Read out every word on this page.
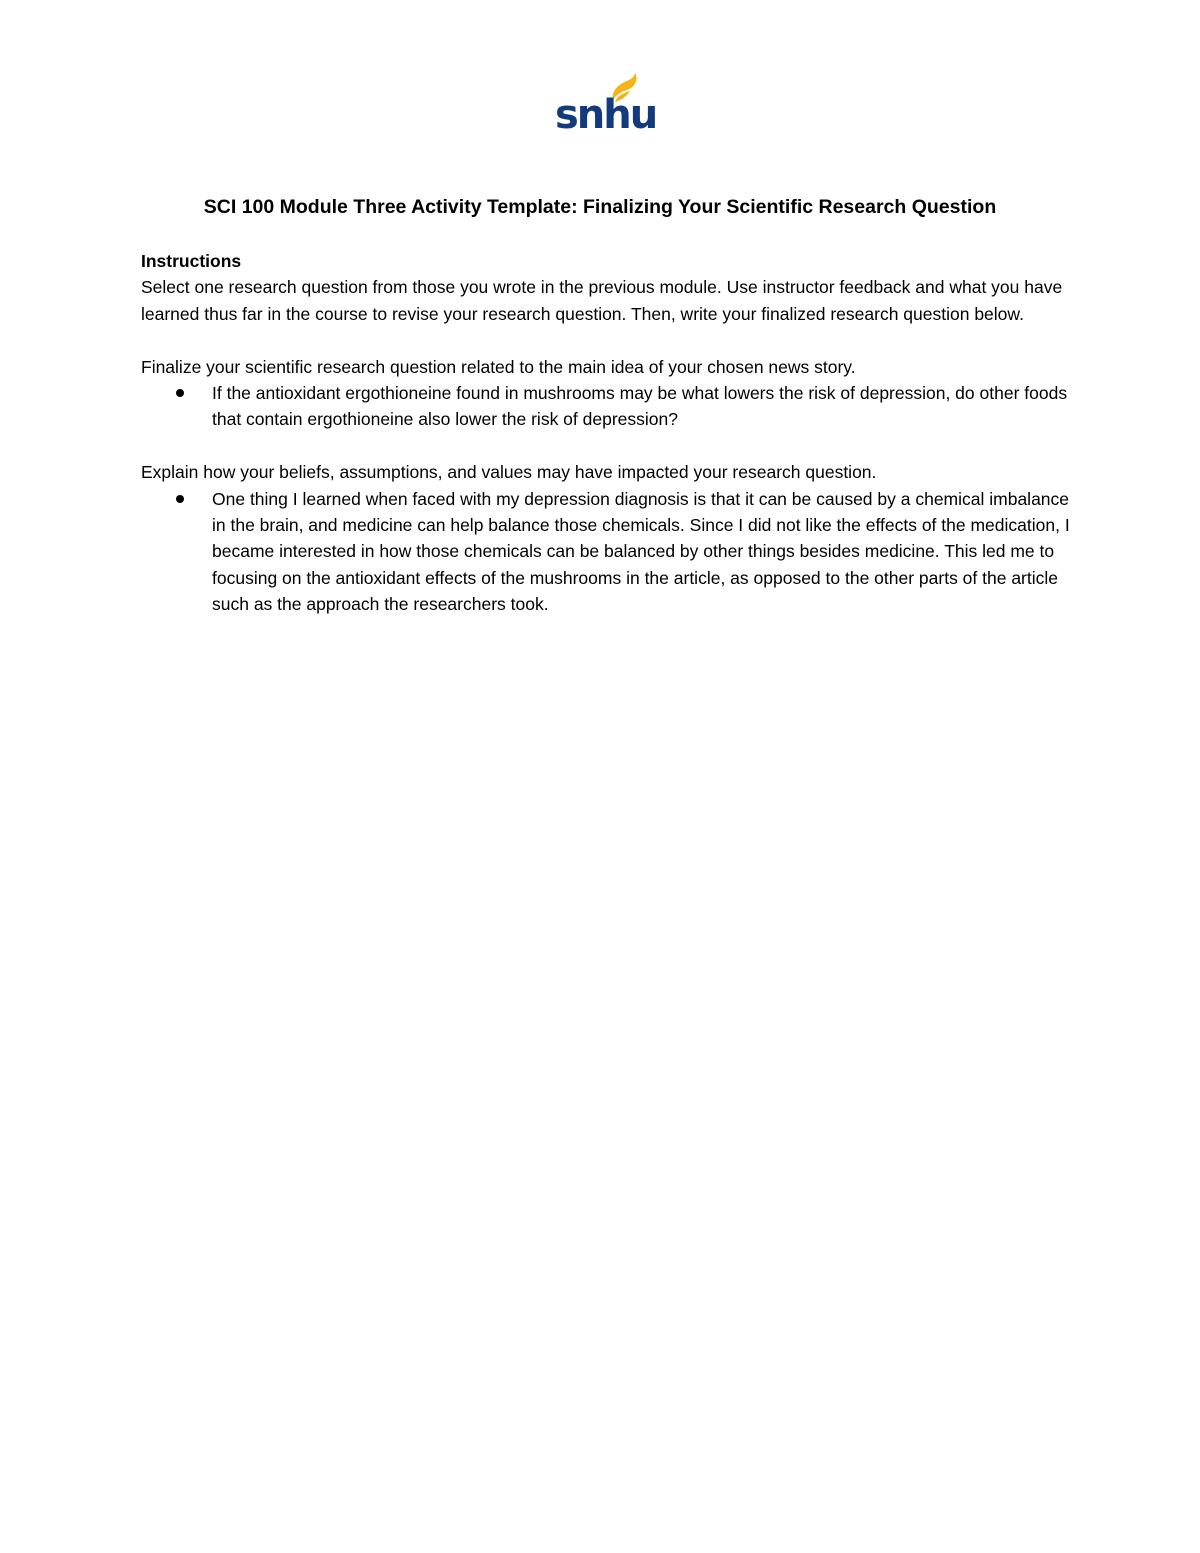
snhu
SCI 100 Module Three Activity Template: Finalizing Your Scientific Research Question

Instructions

Select one research question from those you wrote in the previous module. Use instructor feedback and what you have learned thus far in the course to revise your research question. Then, write your finalized research question below.

Finalize your scientific research question related to the main idea of your chosen news story.

If the antioxidant ergothioneine found in mushrooms may be what lowers the risk of depression, do other foods that contain ergothioneine also lower the risk of depression?

Explain how your beliefs, assumptions, and values may have impacted your research question.

One thing I learned when faced with my depression diagnosis is that it can be caused by a chemical imbalance in the brain, and medicine can help balance those chemicals. Since I did not like the effects of the medication, I became interested in how those chemicals can be balanced by other things besides medicine. This led me to focusing on the antioxidant effects of the mushrooms in the article, as opposed to the other parts of the article such as the approach the researchers took.
